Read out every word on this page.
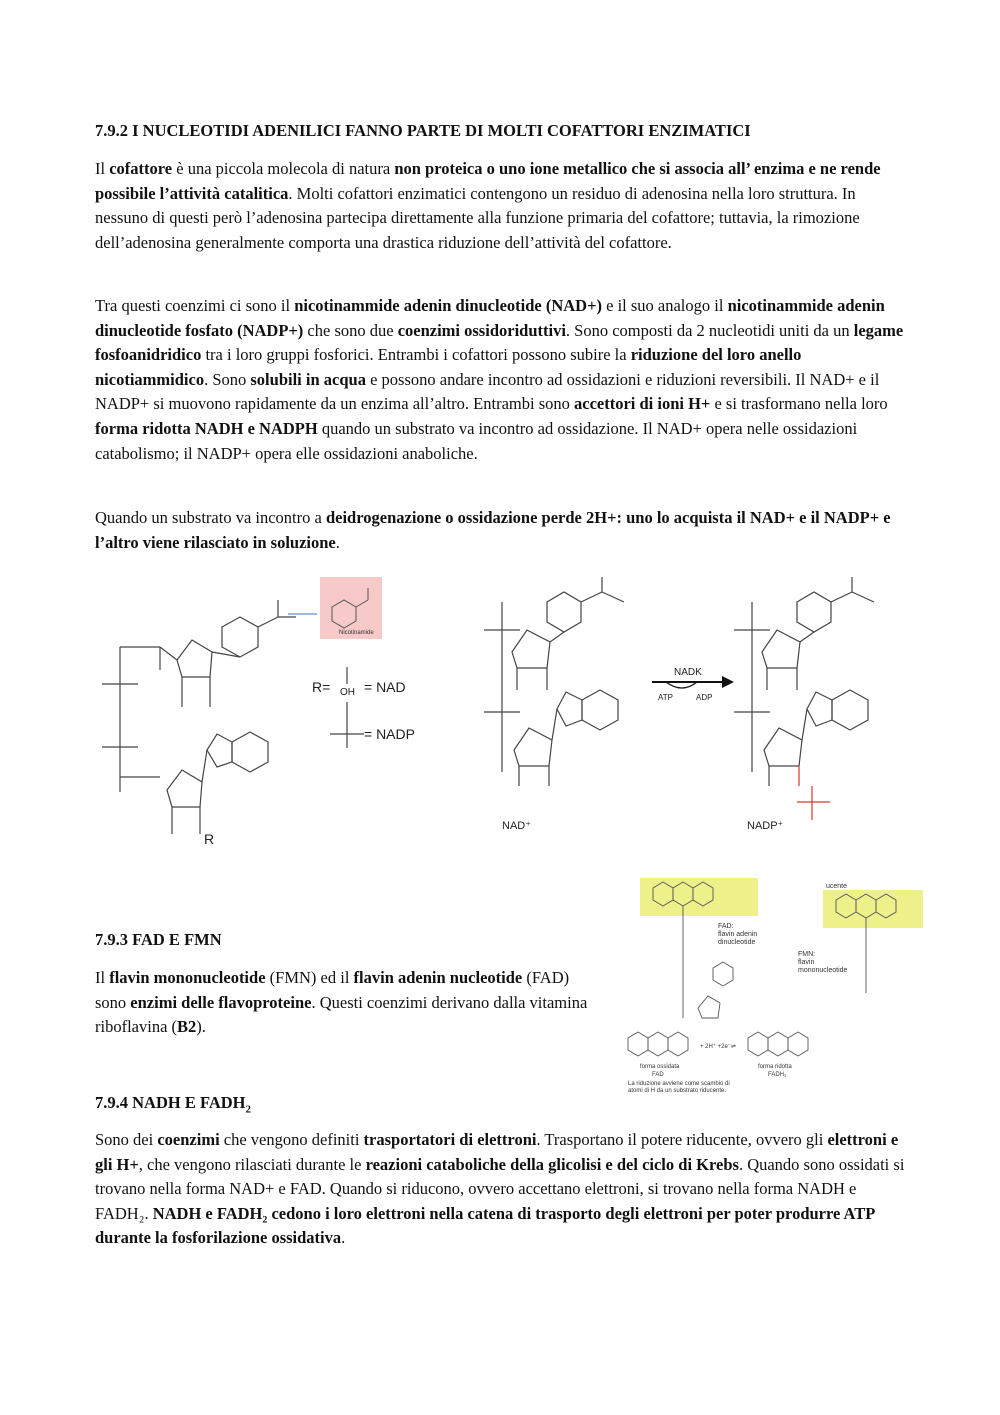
7.9.2 I NUCLEOTIDI ADENILICI FANNO PARTE DI MOLTI COFATTORI ENZIMATICI

Il cofattore è una piccola molecola di natura non proteica o uno ione metallico che si associa all’ enzima e ne rende possibile l’attività catalitica. Molti cofattori enzimatici contengono un residuo di adenosina nella loro struttura. In nessuno di questi però l’adenosina partecipa direttamente alla funzione primaria del cofattore; tuttavia, la rimozione dell’adenosina generalmente comporta una drastica riduzione dell’attività del cofattore.

Tra questi coenzimi ci sono il nicotinammide adenin dinucleotide (NAD+) e il suo analogo il nicotinammide adenin dinucleotide fosfato (NADP+) che sono due coenzimi ossidoriduttivi. Sono composti da 2 nucleotidi uniti da un legame fosfoanidridico tra i loro gruppi fosforici. Entrambi i cofattori possono subire la riduzione del loro anello nicotiammidico. Sono solubili in acqua e possono andare incontro ad ossidazioni e riduzioni reversibili. Il NAD+ e il NADP+ si muovono rapidamente da un enzima all’altro. Entrambi sono accettori di ioni H+ e si trasformano nella loro forma ridotta NADH e NADPH quando un substrato va incontro ad ossidazione. Il NAD+ opera nelle ossidazioni catabolismo; il NADP+ opera elle ossidazioni anaboliche.

Quando un substrato va incontro a deidrogenazione o ossidazione perde 2H+: uno lo acquista il NAD+ e il NADP+ e l’altro viene rilasciato in soluzione.

Nicotinamide
R= OH = NAD
= NADP
R
NADK
ATP	ADP
NAD⁺	NADP⁺
7.9.3 FAD E FMN

Il flavin mononucleotide (FMN) ed il flavin adenin nucleotide (FAD) sono enzimi delle flavoproteine. Questi coenzimi derivano dalla vitamina riboflavina (B2).

FAD:
flavin adenin
dinucleotide
FMN:
flavin
mononucleotide
ucente
+ 2H⁺ +2e⁻⇌
forma ossidata
FAD
forma ridotta
FADH₂
La riduzione avviene come scambio di
atomi di H da un substrato riducente.
7.9.4 NADH E $FADH_2$

Sono dei coenzimi che vengono definiti trasportatori di elettroni. Trasportano il potere riducente, ovvero gli elettroni e gli H+, che vengono rilasciati durante le reazioni cataboliche della glicolisi e del ciclo di Krebs. Quando sono ossidati si trovano nella forma NAD+ e FAD. Quando si riducono, ovvero accettano elettroni, si trovano nella forma NADH e FADH₂. NADH e FADH₂ cedono i loro elettroni nella catena di trasporto degli elettroni per poter produrre ATP durante la fosforilazione ossidativa.
